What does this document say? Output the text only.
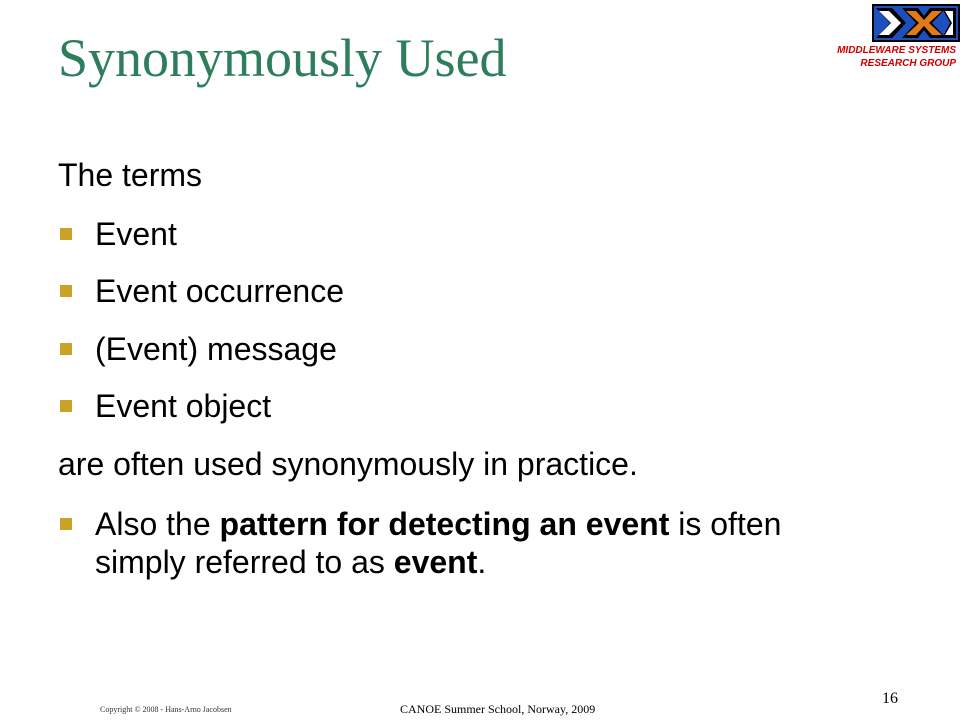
Synonymously Used	MIDDLEWARE SYSTEMS
RESEARCH GROUP
The terms
Event
Event occurrence
(Event) message
Event object
are often used synonymously in practice.
Also the pattern for detecting an event is often simply referred to as event.
Copyright © 2008 - Hans-Arno Jacobsen	CANOE Summer School, Norway, 2009
16
